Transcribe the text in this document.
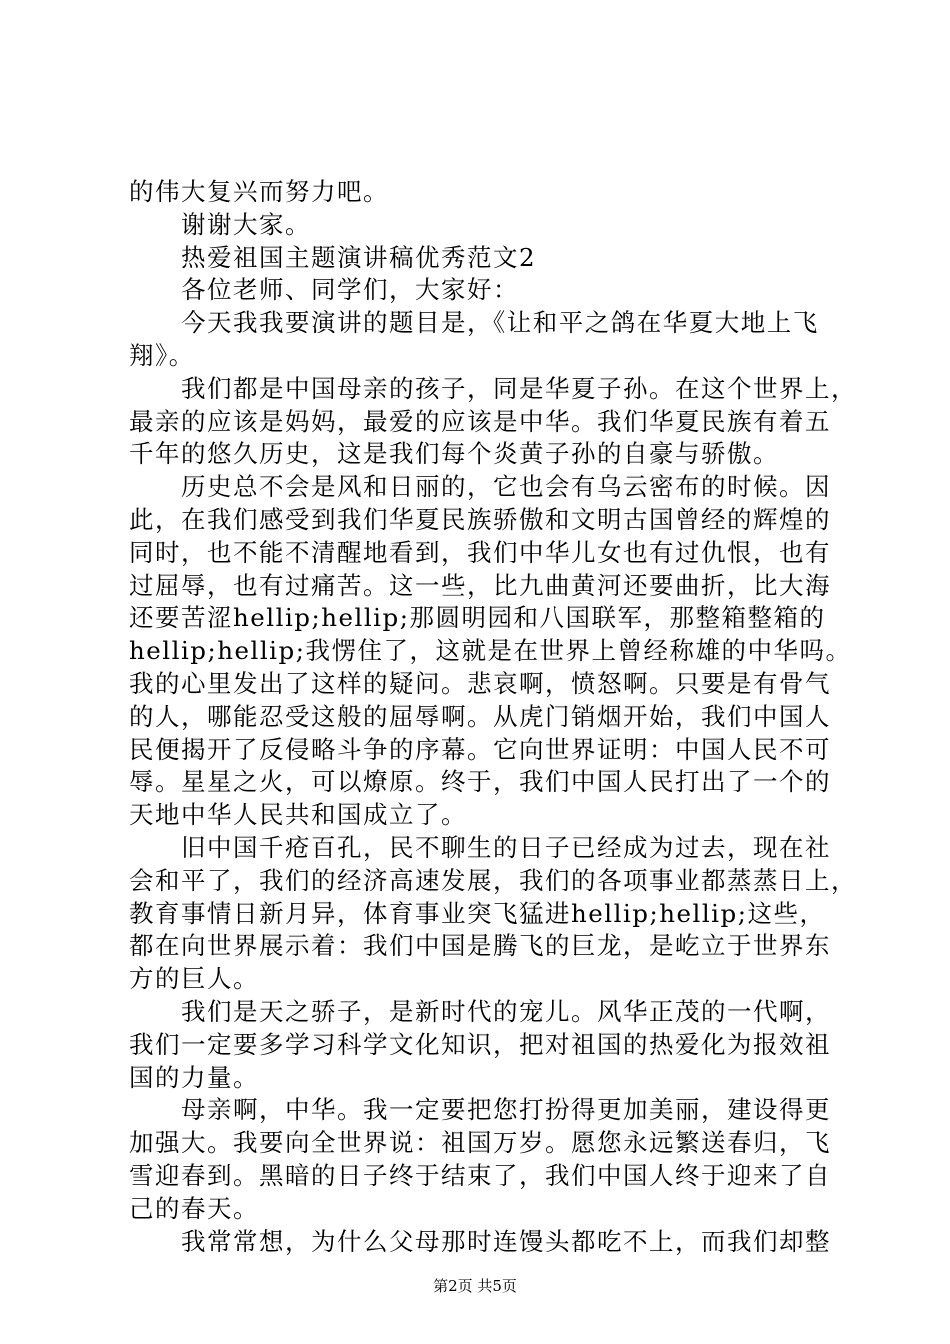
的伟大复兴而努力吧。
　　谢谢大家。
　　热爱祖国主题演讲稿优秀范文2
　　各位老师、同学们，大家好：
　　今天我我要演讲的题目是，《让和平之鸽在华夏大地上飞
翔》。
　　我们都是中国母亲的孩子，同是华夏子孙。在这个世界上，
最亲的应该是妈妈，最爱的应该是中华。我们华夏民族有着五
千年的悠久历史，这是我们每个炎黄子孙的自豪与骄傲。
　　历史总不会是风和日丽的，它也会有乌云密布的时候。因
此，在我们感受到我们华夏民族骄傲和文明古国曾经的辉煌的
同时，也不能不清醒地看到，我们中华儿女也有过仇恨，也有
过屈辱，也有过痛苦。这一些，比九曲黄河还要曲折，比大海
还要苦涩hellip;hellip;那圆明园和八国联军，那整箱整箱的
hellip;hellip;我愣住了，这就是在世界上曾经称雄的中华吗。
我的心里发出了这样的疑问。悲哀啊，愤怒啊。只要是有骨气
的人，哪能忍受这般的屈辱啊。从虎门销烟开始，我们中国人
民便揭开了反侵略斗争的序幕。它向世界证明：中国人民不可
辱。星星之火，可以燎原。终于，我们中国人民打出了一个的
天地中华人民共和国成立了。
　　旧中国千疮百孔，民不聊生的日子已经成为过去，现在社
会和平了，我们的经济高速发展，我们的各项事业都蒸蒸日上，
教育事情日新月异，体育事业突飞猛进hellip;hellip;这些，
都在向世界展示着：我们中国是腾飞的巨龙，是屹立于世界东
方的巨人。
　　我们是天之骄子，是新时代的宠儿。风华正茂的一代啊，
我们一定要多学习科学文化知识，把对祖国的热爱化为报效祖
国的力量。
　　母亲啊，中华。我一定要把您打扮得更加美丽，建设得更
加强大。我要向全世界说：祖国万岁。愿您永远繁送春归，飞
雪迎春到。黑暗的日子终于结束了，我们中国人终于迎来了自
己的春天。
　　我常常想，为什么父母那时连馒头都吃不上，而我们却整
第2页 共5页
